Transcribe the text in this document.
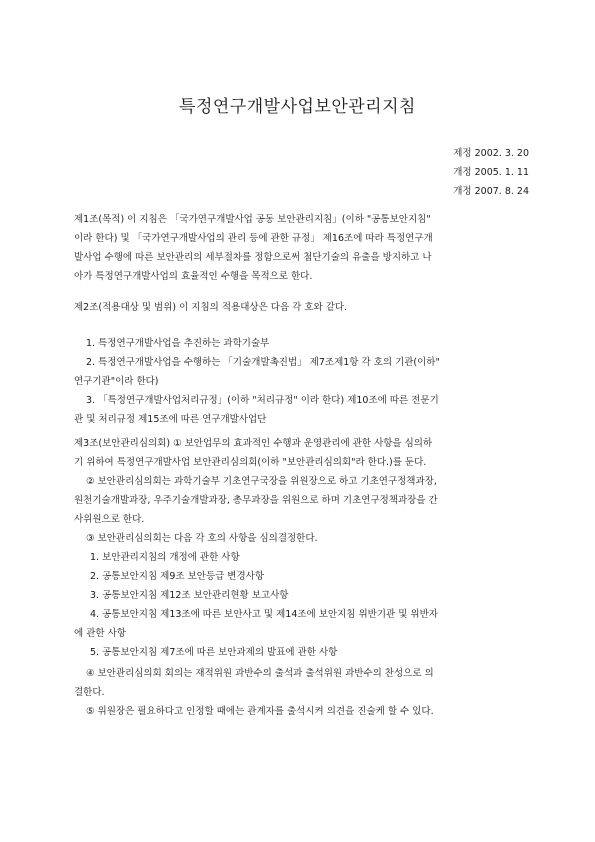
특정연구개발사업보안관리지침
제정 2002. 3. 20
개정 2005. 1. 11
개정 2007. 8. 24
제1조(목적) 이 지침은 「국가연구개발사업 공동 보안관리지침」(이하 "공통보안지침"
이라 한다) 및 「국가연구개발사업의 관리 등에 관한 규정」 제16조에 따라 특정연구개
발사업 수행에 따른 보안관리의 세부절차를 정함으로써 첨단기술의 유출을 방지하고 나
아가 특정연구개발사업의 효율적인 수행을 목적으로 한다.
제2조(적용대상 및 범위) 이 지침의 적용대상은 다음 각 호와 같다.
1. 특정연구개발사업을 추진하는 과학기술부
2. 특정연구개발사업을 수행하는 「기술개발촉진법」 제7조제1항 각 호의 기관(이하"
연구기관"이라 한다)
3. 「특정연구개발사업처리규정」(이하 "처리규정" 이라 한다) 제10조에 따른 전문기
관 및 처리규정 제15조에 따른 연구개발사업단
제3조(보안관리심의회) ① 보안업무의 효과적인 수행과 운영관리에 관한 사항을 심의하
기 위하여 특정연구개발사업 보안관리심의회(이하 "보안관리심의회"라 한다.)를 둔다.
② 보안관리심의회는 과학기술부 기초연구국장을 위원장으로 하고 기초연구정책과장,
원천기술개발과장, 우주기술개발과장, 총무과장을 위원으로 하며 기초연구정책과장을 간
사위원으로 한다.
③ 보안관리심의회는 다음 각 호의 사항을 심의결정한다.
1. 보안관리지침의 개정에 관한 사항
2. 공통보안지침 제9조 보안등급 변경사항
3. 공통보안지침 제12조 보안관리현황 보고사항
4. 공통보안지침 제13조에 따른 보안사고 및 제14조에 보안지침 위반기관 및 위반자
에 관한 사항
5. 공통보안지침 제7조에 따른 보안과제의 발표에 관한 사항
④ 보안관리심의회 회의는 재적위원 과반수의 출석과 출석위원 과반수의 찬성으로 의
결한다.
⑤ 위원장은 필요하다고 인정할 때에는 관계자를 출석시켜 의견을 진술케 할 수 있다.
